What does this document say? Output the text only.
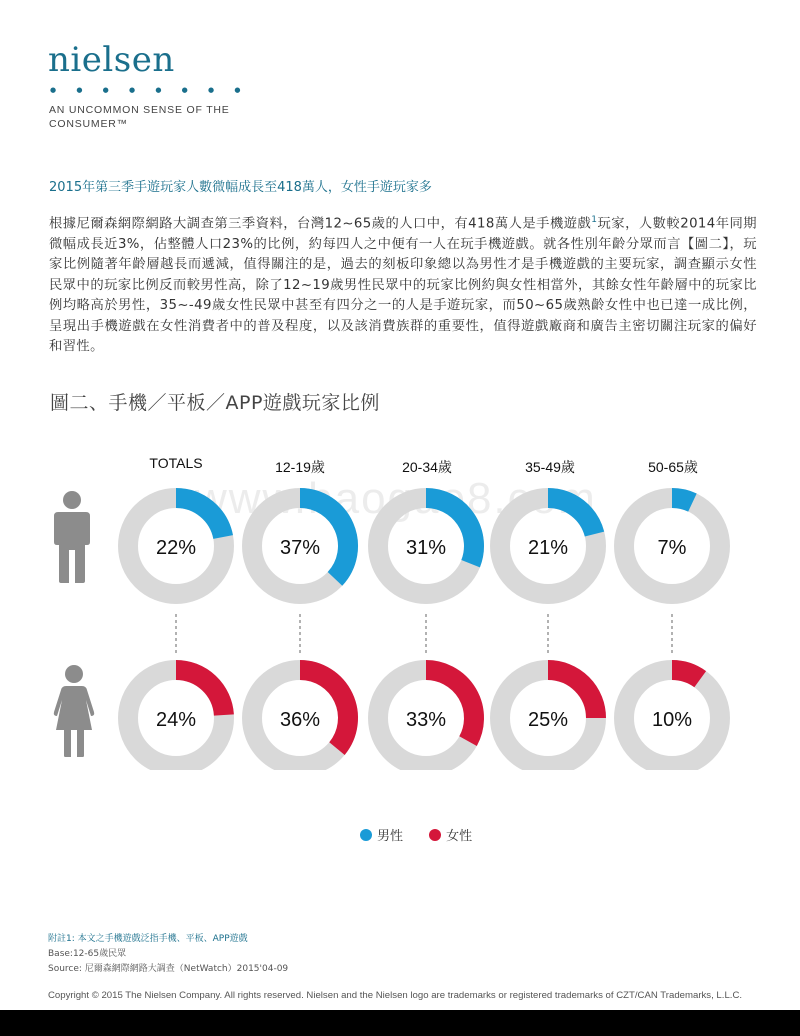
nielsen
● ● ● ● ● ● ● ●
AN UNCOMMON SENSE OF THE CONSUMER™
2015年第三季手遊玩家人數微幅成長至418萬人，女性手遊玩家多
根據尼爾森網際網路大調查第三季資料，台灣12~65歲的人口中，有418萬人是手機遊戲$^1$玩家，人數較2014年同期微幅成長近3%，佔整體人口23%的比例，約每四人之中便有一人在玩手機遊戲。就各性別年齡分眾而言【圖二】，玩家比例隨著年齡層越長而遞減，值得關注的是，過去的刻板印象總以為男性才是手機遊戲的主要玩家，調查顯示女性民眾中的玩家比例反而較男性高，除了12~19歲男性民眾中的玩家比例約與女性相當外，其餘女性年齡層中的玩家比例均略高於男性，35~-49歲女性民眾中甚至有四分之一的人是手遊玩家，而50~65歲熟齡女性中也已達一成比例，呈現出手機遊戲在女性消費者中的普及程度，以及該消費族群的重要性，值得遊戲廠商和廣告主密切關注玩家的偏好和習性。
圖二、手機／平板／APP遊戲玩家比例
www.baogao8.com
TOTALS	12-19歲	20-34歲	35-49歲	50-65歲
22%	37%	31%	21%	7%
24%	36%	33%	25%	10%
男性	女性
附註1: 本文之手機遊戲泛指手機、平板、APP遊戲
Base:12-65歲民眾
Source: 尼爾森網際網路大調查（NetWatch）2015'04-09
Copyright © 2015 The Nielsen Company. All rights reserved. Nielsen and the Nielsen logo are trademarks or registered trademarks of CZT/CAN Trademarks, L.L.C.
